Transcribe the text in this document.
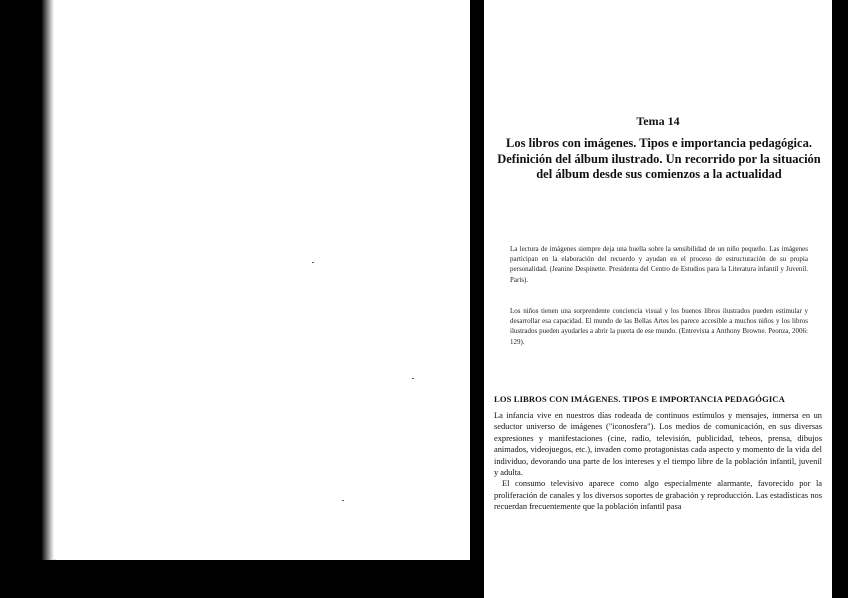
Tema 14
Los libros con imágenes. Tipos e importancia pedagógica.
Definición del álbum ilustrado. Un recorrido por la situación
del álbum desde sus comienzos a la actualidad
La lectura de imágenes siempre deja una huella sobre la sensibilidad de un niño pequeño. Las imágenes participan en la elaboración del recuerdo y ayudan en el proceso de estructuración de su propia personalidad. (Jeanine Despinette. Presidenta del Centro de Estudios para la Literatura infantil y Juvenil. París).
Los niños tienen una sorprendente conciencia visual y los buenos libros ilustrados pueden estimular y desarrollar esa capacidad. El mundo de las Bellas Artes les parece accesible a muchos niños y los libros ilustrados pueden ayudarles a abrir la puerta de ese mundo. (Entrevista a Anthony Browne. Peonza, 2006: 129).
LOS LIBROS CON IMÁGENES. TIPOS E IMPORTANCIA PEDAGÓGICA

La infancia vive en nuestros días rodeada de continuos estímulos y mensajes, inmersa en un seductor universo de imágenes ("iconosfera"). Los medios de comunicación, en sus diversas expresiones y manifestaciones (cine, radio, televisión, publicidad, tebeos, prensa, dibujos animados, videojuegos, etc.), invaden como protagonistas cada aspecto y momento de la vida del individuo, devorando una parte de los intereses y el tiempo libre de la población infantil, juvenil y adulta.

El consumo televisivo aparece como algo especialmente alarmante, favorecido por la proliferación de canales y los diversos soportes de grabación y reproducción. Las estadísticas nos recuerdan frecuentemente que la población infantil pasa
